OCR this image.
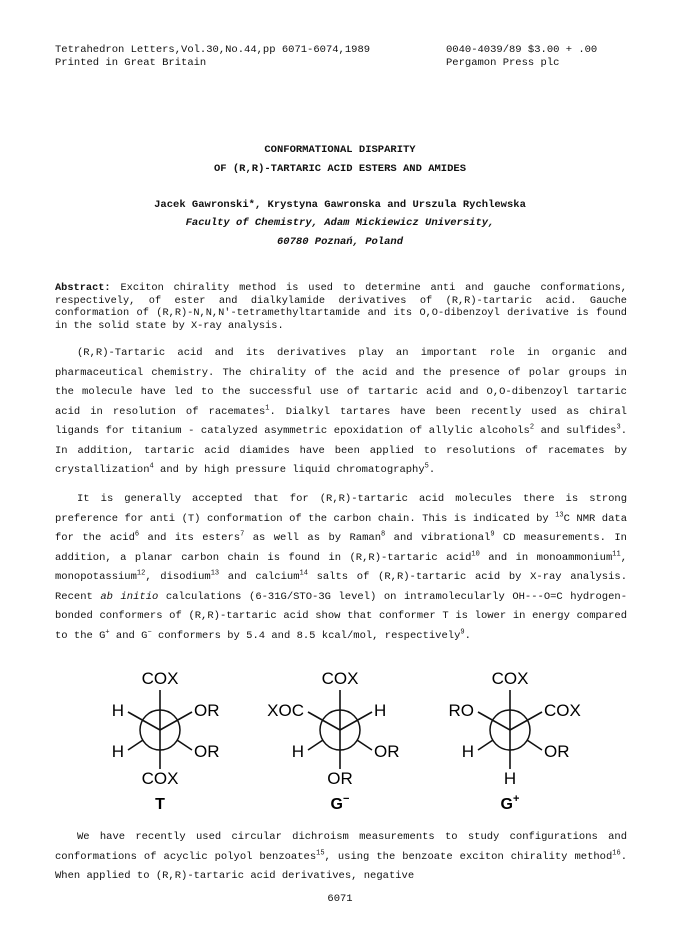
Tetrahedron Letters,Vol.30,No.44,pp 6071-6074,1989
Printed in Great Britain
0040-4039/89 $3.00 + .00
Pergamon Press plc
CONFORMATIONAL DISPARITY
OF (R,R)-TARTARIC ACID ESTERS AND AMIDES
Jacek Gawronski*, Krystyna Gawronska and Urszula Rychlewska
Faculty of Chemistry, Adam Mickiewicz University,
60780 Poznań, Poland
Abstract: Exciton chirality method is used to determine anti and gauche conformations, respectively, of ester and dialkylamide derivatives of (R,R)-tartaric acid. Gauche conformation of (R,R)-N,N,N'-tetramethyltartamide and its O,O-dibenzoyl derivative is found in the solid state by X-ray analysis.
(R,R)-Tartaric acid and its derivatives play an important role in organic and pharmaceutical chemistry. The chirality of the acid and the presence of polar groups in the molecule have led to the successful use of tartaric acid and O,O-dibenzoyl tartaric acid in resolution of racemates$^1$. Dialkyl tartares have been recently used as chiral ligands for titanium - catalyzed asymmetric epoxidation of allylic alcohols$^2$ and sulfides$^3$. In addition, tartaric acid diamides have been applied to resolutions of racemates by crystallization$^4$ and by high pressure liquid chromatography$^5$.
It is generally accepted that for (R,R)-tartaric acid molecules there is strong preference for anti (T) conformation of the carbon chain. This is indicated by $^{13}$C NMR data for the acid$^6$ and its esters$^7$ as well as by Raman$^8$ and vibrational$^9$ CD measurements. In addition, a planar carbon chain is found in (R,R)-tartaric acid$^{10}$ and in monoammonium$^{11}$, monopotassium$^{12}$, disodium$^{13}$ and calcium$^{14}$ salts of (R,R)-tartaric acid by X-ray analysis. Recent ab initio calculations (6-31G/STO-3G level) on intramolecularly OH---O=C hydrogen-bonded conformers of (R,R)-tartaric acid show that conformer T is lower in energy compared to the G+ and G− conformers by 5.4 and 8.5 kcal/mol, respectively$^9$.
COX
H	OR
H	OR
COX
T
COX
XOC	H
H	OR
OR
G−
COX
RO	COX
H	OR
H
G+
We have recently used circular dichroism measurements to study configurations and conformations of acyclic polyol benzoates$^{15}$, using the benzoate exciton chirality method$^{16}$. When applied to (R,R)-tartaric acid derivatives, negative
6071
